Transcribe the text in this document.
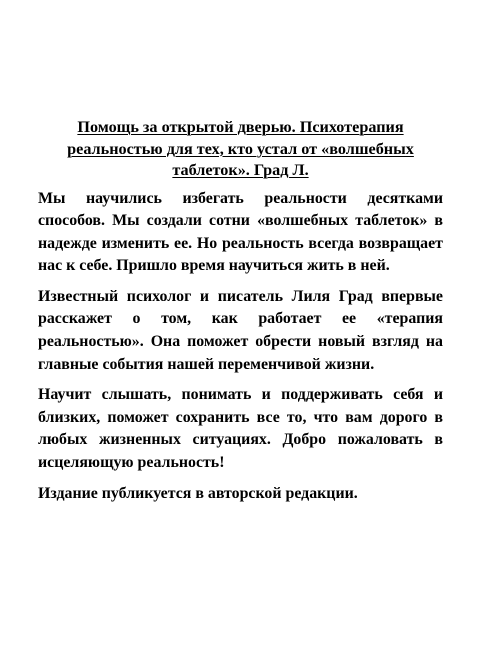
Помощь за открытой дверью. Психотерапия реальностью для тех, кто устал от «волшебных таблеток». Град Л.

Мы научились избегать реальности десятками способов. Мы создали сотни «волшебных таблеток» в надежде изменить ее. Но реальность всегда возвращает нас к себе. Пришло время научиться жить в ней.

Известный психолог и писатель Лиля Град впервые расскажет о том, как работает ее «терапия реальностью». Она поможет обрести новый взгляд на главные события нашей переменчивой жизни.

Научит слышать, понимать и поддерживать себя и близких, поможет сохранить все то, что вам дорого в любых жизненных ситуациях. Добро пожаловать в исцеляющую реальность!

Издание публикуется в авторской редакции.
